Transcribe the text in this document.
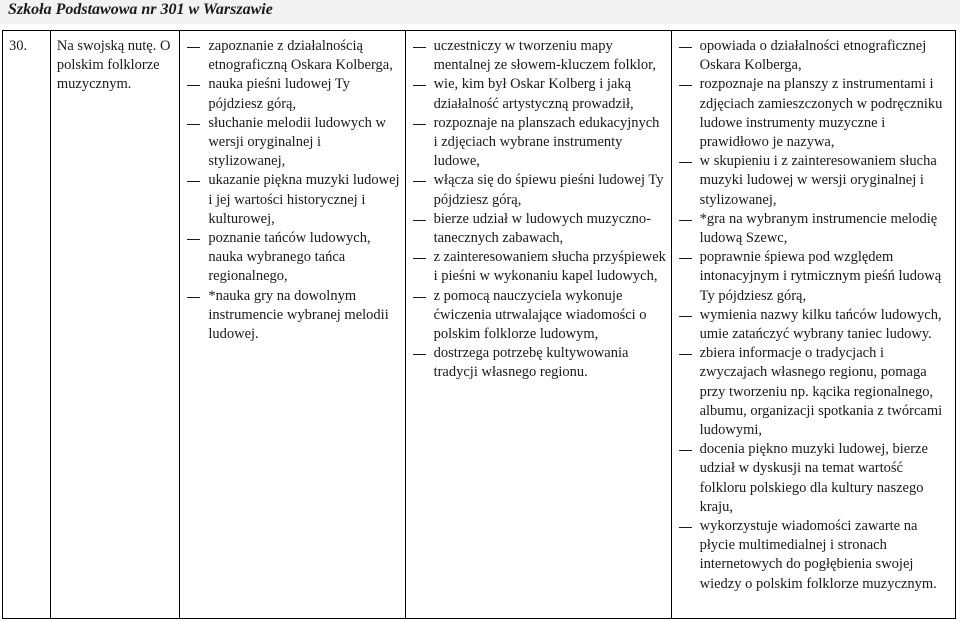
Szkoła Podstawowa nr 301 w Warszawie
30.	Na swojską nutę. O polskim folklorze muzycznym.

zapoznanie z działalnością etnograficzną Oskara Kolberga,
nauka pieśni ludowej Ty pójdziesz górą,
słuchanie melodii ludowych w wersji oryginalnej i stylizowanej,
ukazanie piękna muzyki ludowej i jej wartości historycznej i kulturowej,
poznanie tańców ludowych, nauka wybranego tańca regionalnego,
*nauka gry na dowolnym instrumencie wybranej melodii ludowej.

uczestniczy w tworzeniu mapy mentalnej ze słowem-kluczem folklor,
wie, kim był Oskar Kolberg i jaką działalność artystyczną prowadził,
rozpoznaje na planszach edukacyjnych i zdjęciach wybrane instrumenty ludowe,
włącza się do śpiewu pieśni ludowej Ty pójdziesz górą,
bierze udział w ludowych muzyczno-tanecznych zabawach,
z zainteresowaniem słucha przyśpiewek i pieśni w wykonaniu kapel ludowych,
z pomocą nauczyciela wykonuje ćwiczenia utrwalające wiadomości o polskim folklorze ludowym,
dostrzega potrzebę kultywowania tradycji własnego regionu.

opowiada o działalności etnograficznej Oskara Kolberga,
rozpoznaje na planszy z instrumentami i zdjęciach zamieszczonych w podręczniku ludowe instrumenty muzyczne i prawidłowo je nazywa,
w skupieniu i z zainteresowaniem słucha muzyki ludowej w wersji oryginalnej i stylizowanej,
*gra na wybranym instrumencie melodię ludową Szewc,
poprawnie śpiewa pod względem intonacyjnym i rytmicznym pieśń ludową Ty pójdziesz górą,
wymienia nazwy kilku tańców ludowych, umie zatańczyć wybrany taniec ludowy.
zbiera informacje o tradycjach i zwyczajach własnego regionu, pomaga przy tworzeniu np. kącika regionalnego, albumu, organizacji spotkania z twórcami ludowymi,
docenia piękno muzyki ludowej, bierze udział w dyskusji na temat wartość folkloru polskiego dla kultury naszego kraju,
wykorzystuje wiadomości zawarte na płycie multimedialnej i stronach internetowych do pogłębienia swojej wiedzy o polskim folklorze muzycznym.
